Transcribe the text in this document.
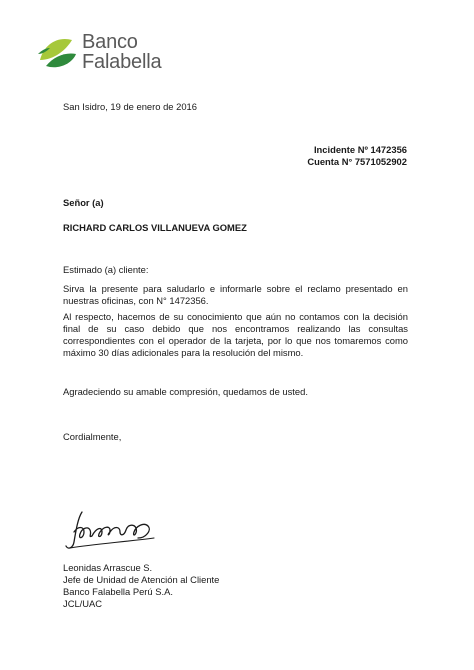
Banco
Falabella

San Isidro, 19 de enero de 2016

Incidente Nº 1472356

Cuenta N° 7571052902

Señor (a)

RICHARD CARLOS VILLANUEVA GOMEZ

Estimado (a) cliente:

Sirva la presente para saludarlo e informarle sobre el reclamo presentado en nuestras oficinas, con N° 1472356.

Al respecto, hacemos de su conocimiento que aún no contamos con la decisión final de su caso debido que nos encontramos realizando las consultas correspondientes con el operador de la tarjeta, por lo que nos tomaremos como máximo 30 días adicionales para la resolución del mismo.

Agradeciendo su amable compresión, quedamos de usted.

Cordialmente,

Leonidas Arrascue S.

Jefe de Unidad de Atención al Cliente

Banco Falabella Perú S.A.

JCL/UAC
